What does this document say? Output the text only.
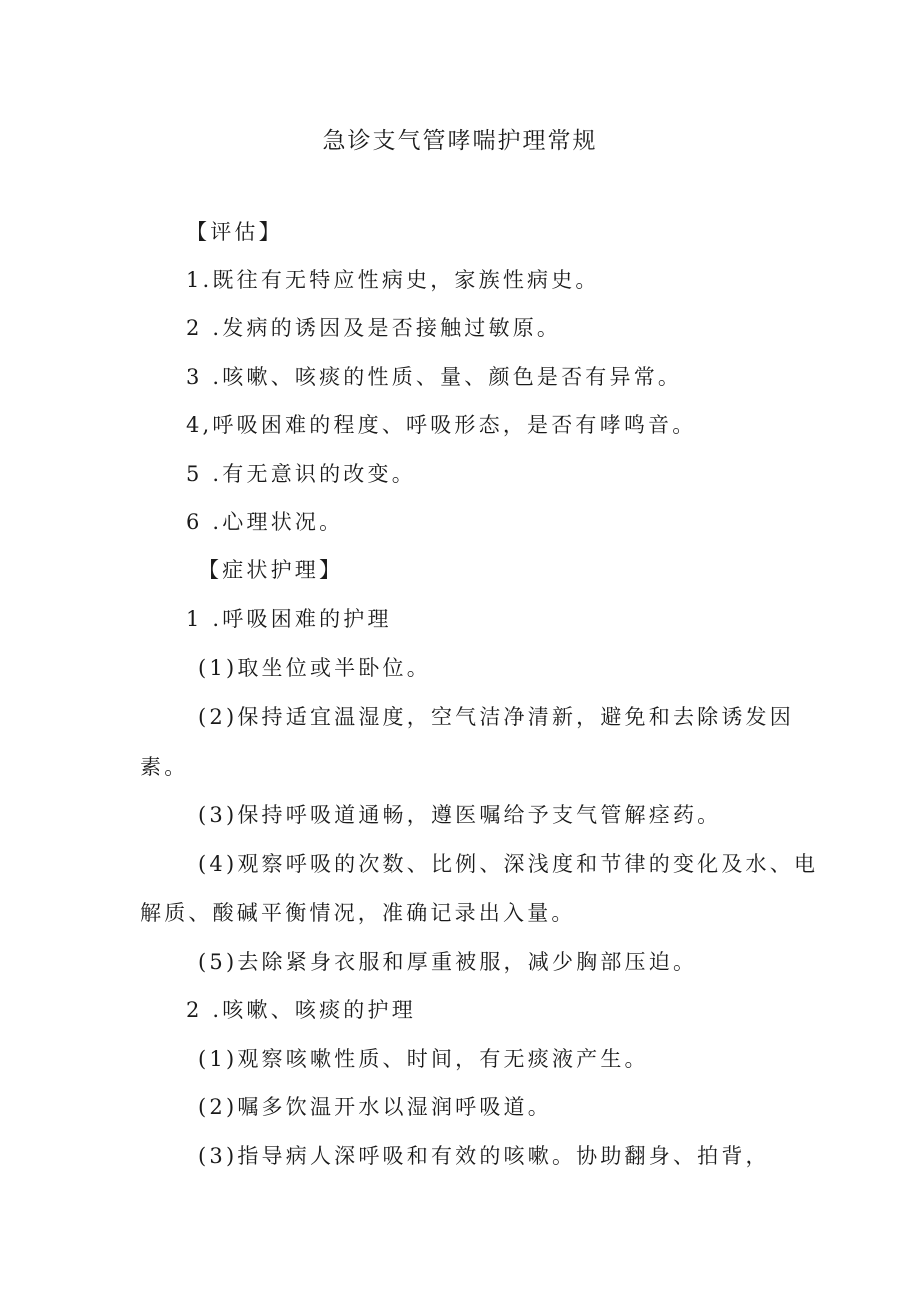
急诊支气管哮喘护理常规
【评估】
1.既往有无特应性病史，家族性病史。
2 .发病的诱因及是否接触过敏原。
3 .咳嗽、咳痰的性质、量、颜色是否有异常。
4,呼吸困难的程度、呼吸形态，是否有哮鸣音。
5 .有无意识的改变。
6 .心理状况。
【症状护理】
1 .呼吸困难的护理
(1)取坐位或半卧位。
(2)保持适宜温湿度，空气洁净清新，避免和去除诱发因
素。
(3)保持呼吸道通畅，遵医嘱给予支气管解痉药。
(4)观察呼吸的次数、比例、深浅度和节律的变化及水、电
解质、酸碱平衡情况，准确记录出入量。
(5)去除紧身衣服和厚重被服，减少胸部压迫。
2 .咳嗽、咳痰的护理
(1)观察咳嗽性质、时间，有无痰液产生。
(2)嘱多饮温开水以湿润呼吸道。
(3)指导病人深呼吸和有效的咳嗽。协助翻身、拍背，
